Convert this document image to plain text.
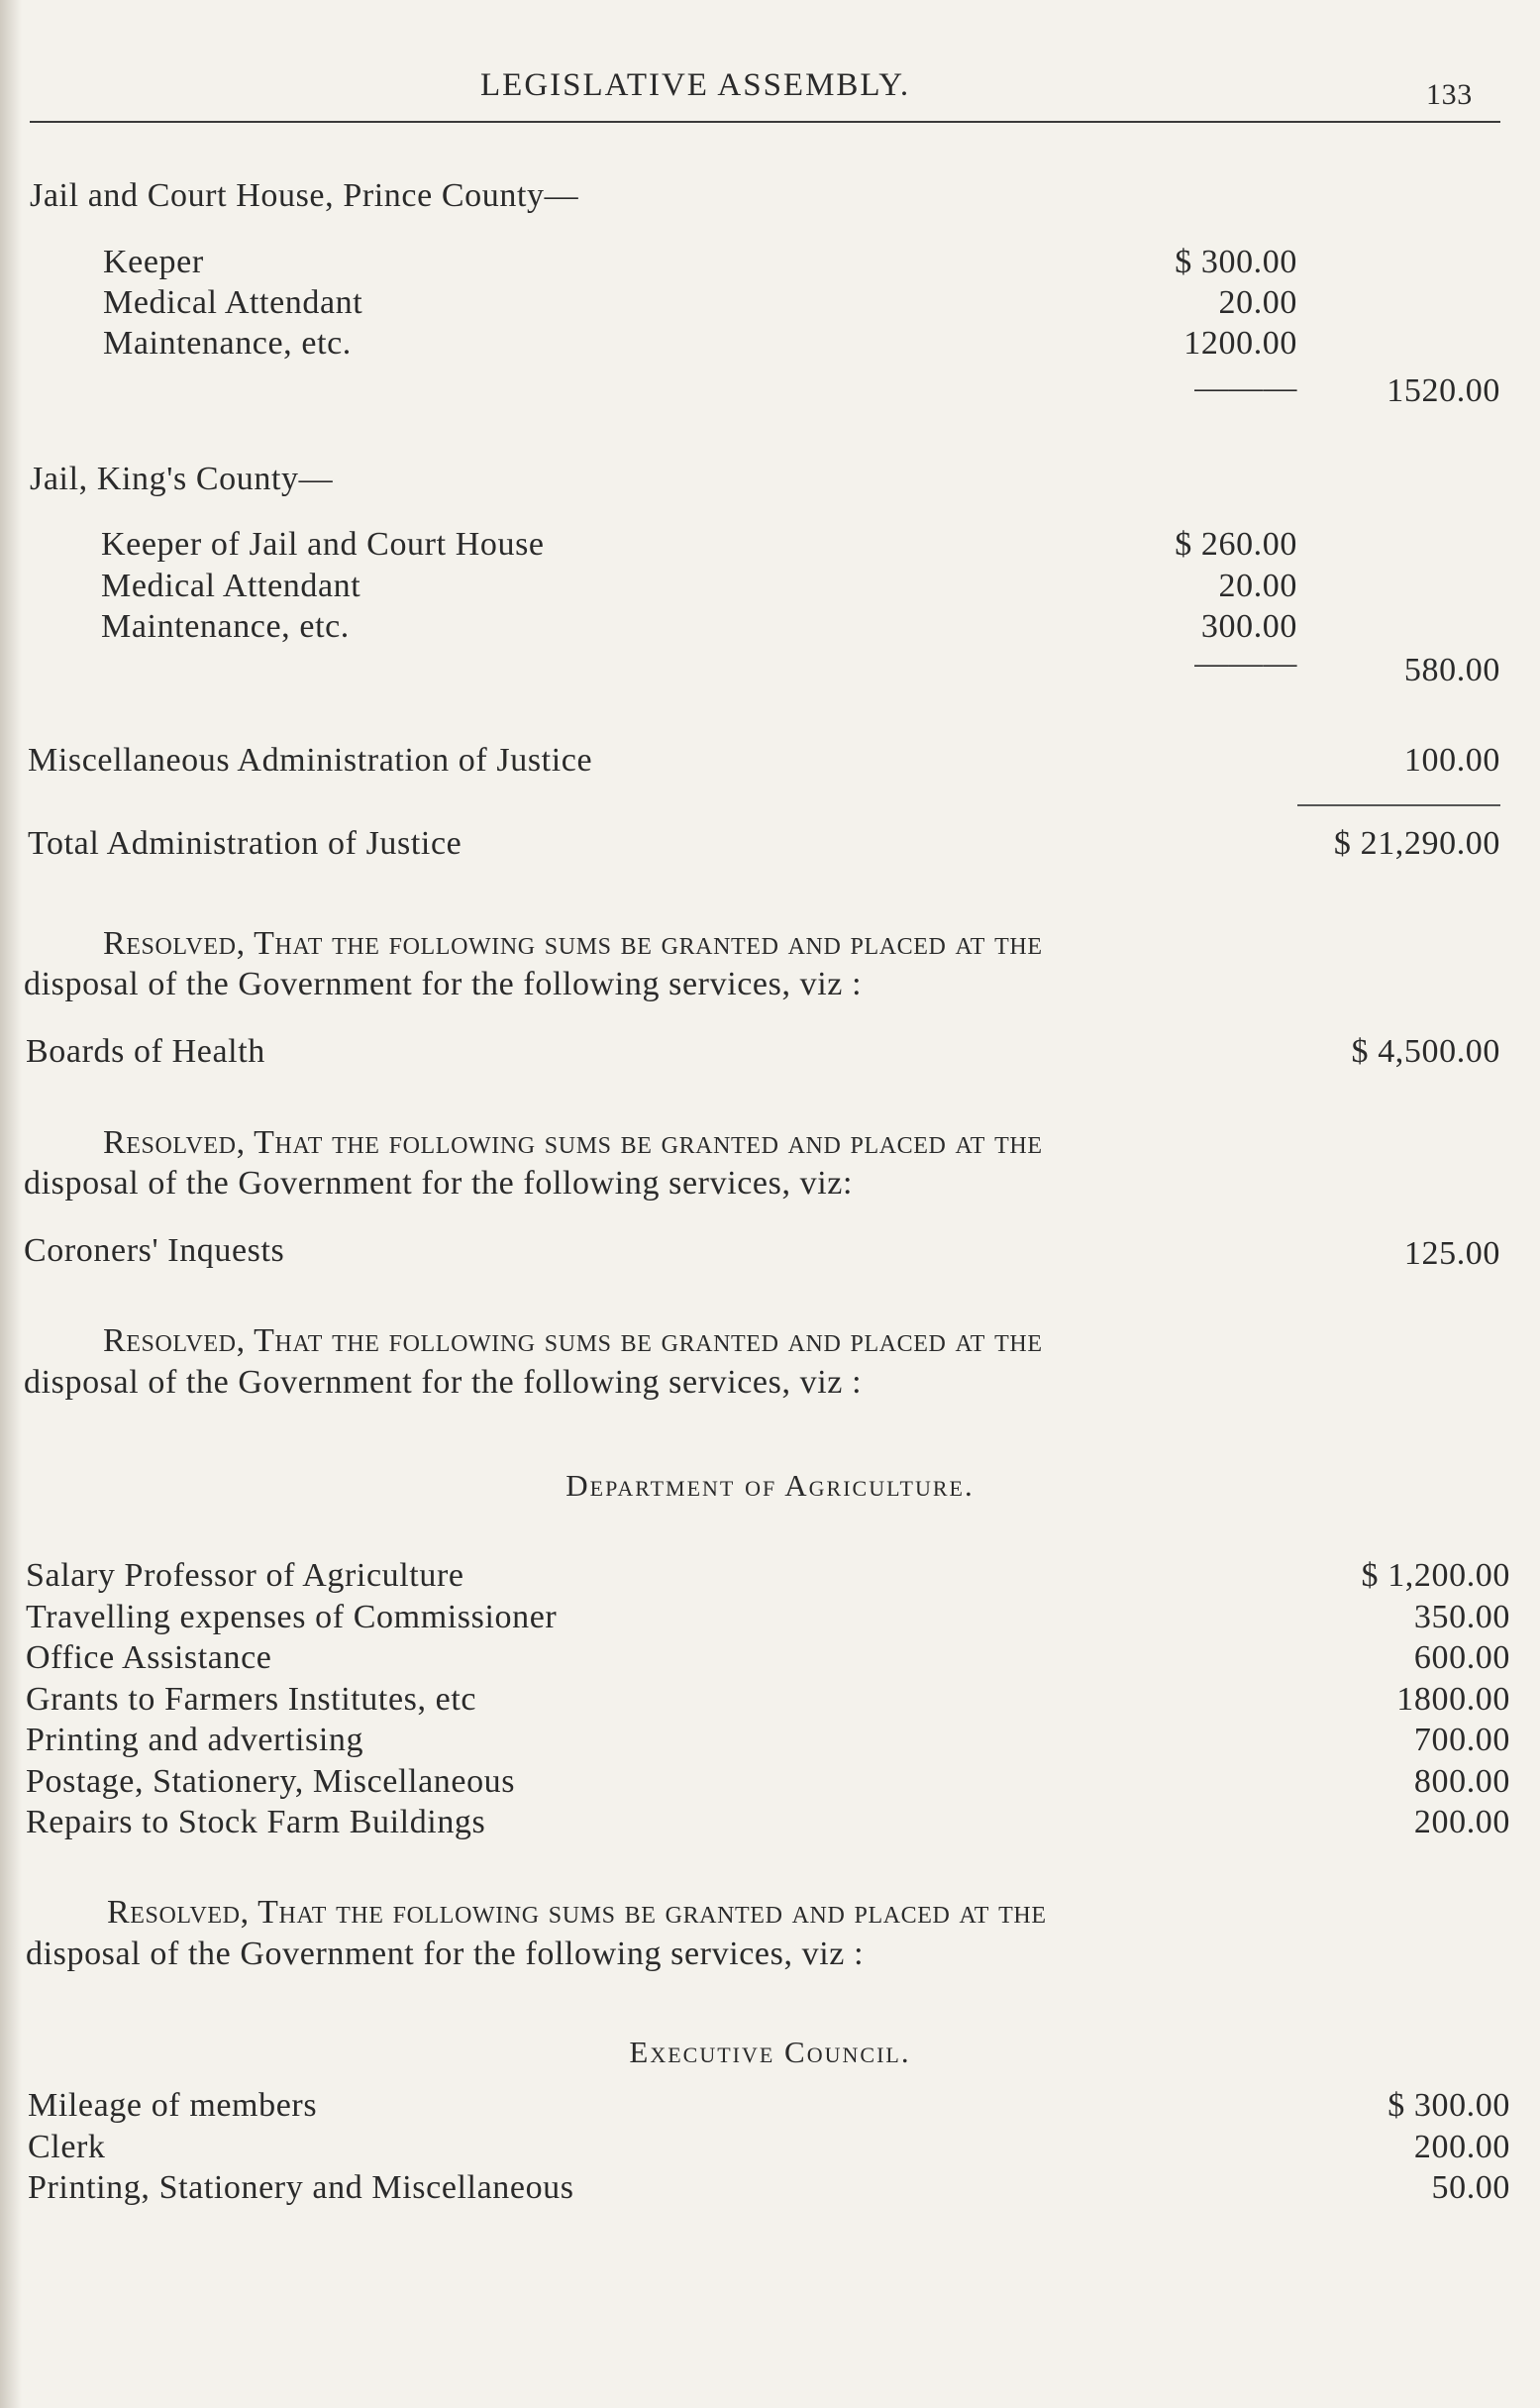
LEGISLATIVE ASSEMBLY.	133
Jail and Court House, Prince County—
Keeper	$ 300.00
Medical Attendant	20.00
Maintenance, etc.	1200.00
———	1520.00
Jail, King's County—
Keeper of Jail and Court House	$ 260.00
Medical Attendant	20.00
Maintenance, etc.	300.00
———	580.00
Miscellaneous Administration of Justice	100.00
Total Administration of Justice	$ 21,290.00
Resolved, That the following sums be granted and placed at the
disposal of the Government for the following services, viz :
Boards of Health	$ 4,500.00
Resolved, That the following sums be granted and placed at the
disposal of the Government for the following services, viz:
Coroners' Inquests	125.00
Resolved, That the following sums be granted and placed at the
disposal of the Government for the following services, viz :
Department of Agriculture.
Salary Professor of Agriculture	$ 1,200.00
Travelling expenses of Commissioner	350.00
Office Assistance	600.00
Grants to Farmers Institutes, etc	1800.00
Printing and advertising	700.00
Postage, Stationery, Miscellaneous	800.00
Repairs to Stock Farm Buildings	200.00
Resolved, That the following sums be granted and placed at the
disposal of the Government for the following services, viz :
Executive Council.
Mileage of members	$ 300.00
Clerk	200.00
Printing, Stationery and Miscellaneous	50.00
